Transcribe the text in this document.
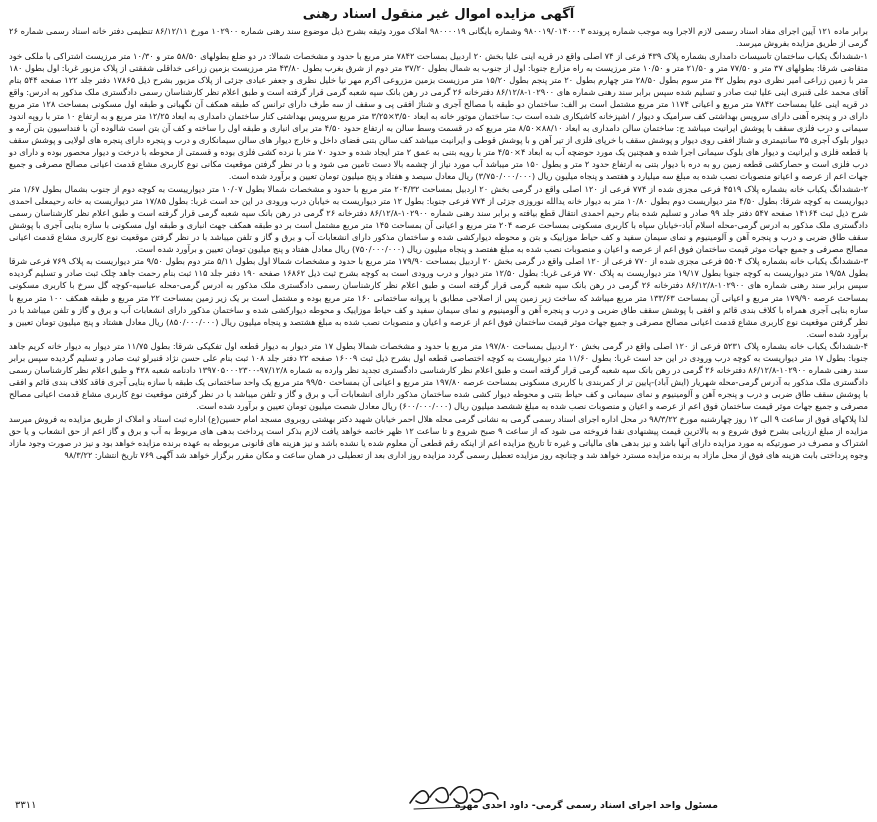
آگهی مزایده اموال غیر منقول اسناد رهنی

برابر ماده ۱۲۱ آیین اجرای مفاد اسناد رسمی لازم الاجرا وبه موجب شماره پرونده ۹۸۰۰۱۹/۰۱۴۰۰۰۳ وشماره بایگانی ۹۸۰۰۰۰۱۹ املاک مورد وثیقه بشرح ذیل موضوع سند رهنی شماره ۱۰۲۹۰۰ مورخ ۸۶/۱۲/۱۱ تنظیمی دفتر خانه اسناد رسمی شماره ۲۶ گرمی از طریق مزایده بفروش میرسد.

۱-ششدانگ یکباب ساختمان تاسیسات دامداری بشماره پلاک ۴۳۹ فرعی از ۷۴ اصلی واقع در قریه اینی علیا بخش ۲۰ اردبیل بمساحت ۷۸۴۲ متر مربع با حدود و مشخصات شمالا: در دو ضلع بطولهای ۵۸/۵۰ متر و ۱۰/۳۰ متر مرزیست اشتراکی با ملکی خود متقاضی شرقا: بطولهای ۳۷ متر و ۷۷/۵۰ متر و ۲۱/۵۰ متر و ۱۰/۵۰ متر مرزیست به راه مزارع جنوبا: اول از جنوب به شمال بطول ۳۷/۲۰ متر دوم از شرق بغرب بطول ۴۳/۸۰ متر مرزیست بزمین زراعی خداقلی شفقتی از پلاک مزبور غربا: اول بطول ۱۸۰ متر با زمین زراعی امیر نظری دوم بطول ۴۲ متر سوم بطول ۲۸/۵۰ متر چهارم بطول ۲۰ متر پنجم بطول ۱۵/۲۰ متر مرزیست بزمین مزروعی اکرم مهر نیا خلیل نظری و جعفر عبادی جزئی از پلاک مزبور بشرح ذیل ۱۷۸۶۵ دفتر جلد ۱۲۲ صفحه ۵۴۴ بنام آقای محمد علی قنبری اینی علیا ثبت صادر و تسلیم شده سپس برابر سند رهنی شماره های ۱۰۲۹۰۰-۸۶/۱۲/۸ دفترخانه ۲۶ گرمی در رهن بانک سپه شعبه گرمی قرار گرفته است و طبق اعلام نظر کارشناسان رسمی دادگستری ملک مذکور به ادرس: واقع در قریه اینی علیا بمساحت ۷۸۴۲ متر مربع و اعیانی ۱۱۷۴ متر مربع مشتمل است بر الف: ساختمان دو طبقه با مصالح آجری و شناژ افقی پی و سقف از سه طرف دارای ترانس که طبقه همکف آن نگهبانی و طبقه اول مسکونی بمساحت ۱۲۸ متر مربع دارای در و پنجره آهنی دارای سرویس بهداشتی کف سرامیک و دیوار / اشپزخانه کاشیکاری شده است ب: ساختمان موتور خانه به ابعاد ۳/۵۰×۳/۲۵ متر مربع سرویس بهداشتی کنار ساختمان دامداری به ابعاد ۱۲/۲۵ متر مربع و به ارتفاع ۱۰ متر با روپه اندود سیمانی و درب فلزی سقف با پوشش ایرانیت میباشد ج: ساختمان سالن دامداری به ابعاد ۸۸/۱۰×۸/۵۰ متر مربع که در قسمت وسط سالن به ارتفاع حدود ۴/۵۰ متر برای انباری و طبقه اول را ساخته و کف آن بتن است شالوده آن با فنداسیون بتن آرمه و دیوار بلوک آجری ۳۵ سانتیمتری و شناژ افقی روی دیوار و پوشش سقف با خرپای فلزی از تیر آهن و با پوشش قوطی و ایرانیت میباشد کف سالن بتنی فضای داخل و خارج دیوار های سالن سیمانکاری و درب و پنجره دارای پنجره های لولایی و پوشش سقف با قطعه فلزی و ایرانیت و دیوار های بلوک سیمانی اجرا شده و همچنین یک مورد حوضچه آب به ابعاد ۴×۴/۵۰ متر با رویه بتنی به عمق ۲ متر ایجاد شده و حدود ۷۰ متر با نرده کشی فلزی بوده و قسمتی از محوطه با درخت و دیوار محصور بوده و دارای دو درب فلزی است و حصارکشی قطعه زمین رو به دره با دیوار بتنی به ارتفاع حدود ۲ متر و بطول ۱۵۰ متر میباشد آب مورد نیاز از چشمه بالا دست تامین می شود و با در نظر گرفتن موقعیت مکانی نوع کاربری مشاع قدمت اعیانی مصالح مصرفی و جمیع جهات اعم از عرصه و اعیانو منصوبات نصب شده به مبلغ سه میلیارد و هفتصد و پنجاه میلیون ریال (۳/۷۵۰/۰۰۰/۰۰۰) ریال معادل سیصد و هفتاد و پنج میلیون تومان تعیین و برآورد شده است.

۲-ششدانگ یکباب خانه بشماره پلاک ۴۵۱۹ فرعی مجزی شده از ۷۷۴ فرعی از ۱۲۰ اصلی واقع در گرمی بخش ۲۰ اردبیل بمساحت ۲۰۴/۳۲ متر مربع با حدود و مشخصات شمالا بطول ۱۰/۰۷ متر دیوارییست به کوچه دوم از جنوب بشمال بطول ۱/۶۷ متر دیواریست به کوچه شرقا: بطول ۴/۵۰ متر دیواریست دوم بطول ۱۰/۸۰ متر به دیوار خانه یدالله نوروزی جزئی از ۷۷۴ فرعی جنوبا: بطول ۱۲ متر دیواریست به خیابان درب ورودی در این حد است غربا: بطول ۱۷/۸۵ متر دیواریست به خانه رحیمعلی احمدی شرح ذیل ثبت ۱۴۱۶۴ صفحه ۵۴۷ دفتر جلد ۹۹ صادر و تسلیم شده بنام رحیم احمدی انتقال قطع بیافته و برابر سند رهنی شماره ۱۰۲۹۰۰-۸۶/۱۲/۸ دفترخانه ۲۶ گرمی در رهن بانک سپه شعبه گرمی قرار گرفته است و طبق اعلام نظر کارشناسان رسمی دادگستری ملک مذکور به ادرس گرمی-محله اسلام آباد-خیابان سپاه با کاربری مسکونی بمساحت عرصه ۲۰۴ متر مربع و اعیانی آن بمساحت ۱۴۵ متر مربع مشتمل است بر دو طبقه همکف جهت انباری و طبقه اول مسکونی با سازه بنایی آجری با پوشش سقف طاق ضربی و درب و پنجره آهن و آلومینیوم و نمای سیمان سفید و کف حیاط موزاییک و بتن و محوطه دیوارکشی شده و ساختمان مذکور دارای انشعابات آب و برق و گاز و تلفن میباشد با در نظر گرفتن موقعیت نوع کاربری مشاع قدمت اعیانی مصالح مصرفی و جمیع جهات موثر قیمت ساختمان فوق اعم از عرصه و اعیان و منصوبات نصب شده به مبلغ هفتصد و پنجاه میلیون ریال (۷۵۰/۰۰۰/۰۰۰) ریال معادل هفتاد و پنج میلیون تومان تعیین و برآورد شده است.

۳-ششدانگ یکباب خانه بشماره پلاک ۵۵۰۴ فرعی مجزی شده از ۷۷۰ فرعی از ۱۲۰ اصلی واقع در گرمی بخش ۲۰ اردبیل بمساحت ۱۷۹/۹۰ متر مربع با حدود و مشخصات شمالا اول بطول ۵/۱۱ متر دوم بطول ۹/۵۰ متر دیواریست به پلاک ۷۶۹ فرعی شرقا بطول ۱۹/۵۸ متر دیواریست به کوچه جنوبا بطول ۱۹/۱۷ متر دیواریست به پلاک ۷۷۰ فرعی غربا: بطول ۱۲/۵۰ متر دیوار و درب ورودی است به کوچه بشرح ثبت ذیل ۱۶۸۶۲ صفحه ۱۹۰ دفتر جلد ۱۱۵ ثبت بنام رحمت جاهد چلک ثبت صادر و تسلیم گردیده سپس برابر سند رهنی شماره های ۱۰۲۹۰۰-۸۶/۱۲/۸ دفترخانه ۲۶ گرمی در رهن بانک سپه شعبه گرمی قرار گرفته است و طبق اعلام نظر کارشناسان رسمی دادگستری ملک مذکور به ادرس گرمی-محله عباسیه-کوچه گل سرخ با کاربری مسکونی بمساحت عرصه ۱۷۹/۹۰ متر مربع و اعیانی آن بمساحت ۱۳۳/۶۳ متر مربع میباشد که ساخت زیر زمین پس از اصلاحی مطابق با پروانه ساختمانی ۱۶۰ متر مربع بوده و مشتمل است بر یک زیر زمین بمساحت ۲۲ متر مربع و طبقه همکف ۱۰۰ متر مربع با سازه بنایی آجری همراه با کلاف بندی قائم و افقی با پوشش سقف طاق ضربی و درب و پنجره آهن و آلومینیوم و نمای سیمان سفید و کف حیاط موزاییک و محوطه دیوارکشی شده و ساختمان مذکور دارای انشعابات آب و برق و گاز و تلفن میباشد با در نظر گرفتن موقعیت نوع کاربری مشاع قدمت اعیانی مصالح مصرفی و جمیع جهات موثر قیمت ساختمان فوق اعم از عرصه و اعیان و منصوبات نصب شده به مبلغ هشتصد و پنجاه میلیون ریال (۸۵۰/۰۰۰/۰۰۰) ریال معادل هشتاد و پنج میلیون تومان تعیین و برآورد شده است.

۴-ششدانگ یکباب خانه بشماره پلاک ۵۲۳۱ فرعی از ۱۲۰ اصلی واقع در گرمی بخش ۲۰ اردبیل بمساحت ۱۹۷/۸۰ متر مربع با حدود و مشخصات شمالا بطول ۱۷ متر دیوار به دیوار قطعه اول تفکیکی شرقا: بطول ۱۱/۷۵ متر دیوار به دیوار خانه کریم جاهد جنوبا: بطول ۱۷ متر دیواریست به کوچه درب ورودی در این حد است غربا: بطول ۱۱/۶۰ متر دیواریست به کوچه اختصاصی قطعه اول بشرح ذیل ثبت ۱۶۰۰۹ صفحه ۲۲ دفتر جلد ۱۰۸ ثبت بنام علی حسن نژاد قنبرلو ثبت صادر و تسلیم گردیده سپس برابر سند رهنی شماره ۱۰۲۹۰۰-۸۶/۱۲/۸ دفترخانه ۲۶ گرمی در رهن بانک سپه شعبه گرمی قرار گرفته است و طبق اعلام نظر کارشناسی دادگستری تجدید نظر وارده به شماره ۹۷/۱۲/۸-۱۳۹۷۰۵۰۰۰۲۳۰۰ دادنامه شعبه ۴۲۸ و طبق اعلام نظر کارشناسان رسمی دادگستری ملک مذکور به آدرس گرمی-محله شهریار (ایش آباد)-پایین تر از کمربندی با کاربری مسکونی بمساحت عرصه ۱۹۷/۸۰ متر مربع و اعیانی آن بمساحت ۹۹/۵۰ متر مربع یک واحد ساختمانی یک طبقه با سازه بنایی آجری فاقد کلاف بندی قائم و افقی با پوشش سقف طاق ضربی و درب و پنجره آهن و آلومینیوم و نمای سیمانی و کف حیاط بتنی و محوطه دیوار کشی شده ساختمان مذکور دارای انشعابات آب و برق و گاز و تلفن میباشد با در نظر گرفتن موقعیت نوع کاربری مشاع قدمت اعیانی مصالح مصرفی و جمیع جهات موثر قیمت ساختمان فوق اعم از عرصه و اعیان و منصوبات نصب شده به مبلغ ششصد میلیون ریال (۶۰۰/۰۰۰/۰۰۰) ریال معادل شصت میلیون تومان تعیین و برآورد شده است.

لذا پلاکهای فوق از ساعت ۹ الی ۱۲ روز چهارشنبه مورخ ۹۸/۳/۲۲ در محل اداره اجرای اسناد رسمی گرمی به نشانی گرمی محله هلال احمر خیابان شهید دکتر بهشتی روبروی مسجد امام حسین(ع) اداره ثبت اسناد و املاک از طریق مزایده به فروش میرسد مزایده از مبلغ ارزیابی بشرح فوق شروع و به بالاترین قیمت پیشنهادی نقدا فروخته می شود که از ساعت ۹ صبح شروع و تا ساعت ۱۲ ظهر خاتمه خواهد یافت لازم بذکر است پرداخت بدهی های مربوط به آب و برق و گاز اعم از حق انشعاب و یا حق اشتراک و مصرف در صورتیکه به مورد مزایده دارای آنها باشد و نیز بدهی های مالیاتی و غیره تا تاریخ مزایده اعم از اینکه رقم قطعی آن معلوم شده یا نشده باشد و نیز هزینه های قانونی مربوطه به عهده برنده مزایده خواهد بود و نیز در صورت وجود مازاد وجوه پرداختی بابت هزینه های فوق از محل مازاد به برنده مزایده مسترد خواهد شد و چنانچه روز مزایده تعطیل رسمی گردد مزایده روز اداری بعد از تعطیلی در همان ساعت و مکان مقرر برگزار خواهد شد آگهی ۷۶۹ تاریخ انتشار: ۹۸/۳/۲۲

مسئول واحد اجرای اسناد رسمی گرمی- داود احدی مهره
۳۳۱۱
